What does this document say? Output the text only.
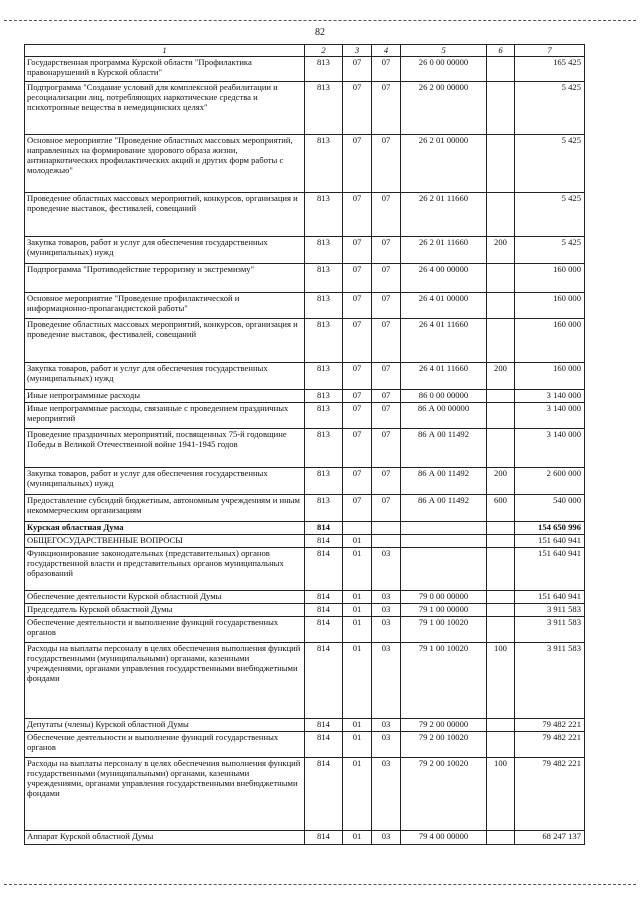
82
1	2	3	4	5	6	7
Государственная программа Курской области "Профилактика правонарушений в Курской области"	813	07	07	26 0 00 00000		165 425
Подпрограмма "Создание условий для комплексной реабилитации и ресоциализации лиц, потребляющих наркотические средства и психотропные вещества в немедицинских целях"	813	07	07	26 2 00 00000		5 425
Основное мероприятие "Проведение областных массовых мероприятий, направленных на формирование здорового образа жизни, антинаркотических профилактических акций и других форм работы с молодежью"	813	07	07	26 2 01 00000		5 425
Проведение областных массовых мероприятий, конкурсов, организация и проведение выставок, фестивалей, совещаний	813	07	07	26 2 01 11660		5 425
Закупка товаров, работ и услуг для обеспечения государственных (муниципальных) нужд	813	07	07	26 2 01 11660	200	5 425
Подпрограмма "Противодействие терроризму и экстремизму"	813	07	07	26 4 00 00000		160 000
Основное мероприятие "Проведение профилактической и информационно-пропагандистской работы"	813	07	07	26 4 01 00000		160 000
Проведение областных массовых мероприятий, конкурсов, организация и проведение выставок, фестивалей, совещаний	813	07	07	26 4 01 11660		160 000
Закупка товаров, работ и услуг для обеспечения государственных (муниципальных) нужд	813	07	07	26 4 01 11660	200	160 000
Иные непрограммные расходы	813	07	07	86 0 00 00000		3 140 000
Иные непрограммные расходы, связанные с проведением праздничных мероприятий	813	07	07	86 А 00 00000		3 140 000
Проведение праздничных мероприятий, посвященных 75-й годовщине Победы в Великой Отечественной войне 1941-1945 годов	813	07	07	86 А 00 11492		3 140 000
Закупка товаров, работ и услуг для обеспечения государственных (муниципальных) нужд	813	07	07	86 А 00 11492	200	2 600 000
Предоставление субсидий бюджетным, автономным учреждениям и иным некоммерческим организациям	813	07	07	86 А 00 11492	600	540 000
Курская областная Дума	814					154 650 996
ОБЩЕГОСУДАРСТВЕННЫЕ ВОПРОСЫ	814	01				151 640 941
Функционирование законодательных (представительных) органов государственной власти и представительных органов муниципальных образований	814	01	03			151 640 941
Обеспечение деятельности Курской областной Думы	814	01	03	79 0 00 00000		151 640 941
Председатель Курской областной Думы	814	01	03	79 1 00 00000		3 911 583
Обеспечение деятельности и выполнение функций государственных органов	814	01	03	79 1 00 10020		3 911 583
Расходы на выплаты персоналу в целях обеспечения выполнения функций государственными (муниципальными) органами, казенными учреждениями, органами управления государственными внебюджетными фондами	814	01	03	79 1 00 10020	100	3 911 583
Депутаты (члены) Курской областной Думы	814	01	03	79 2 00 00000		79 482 221
Обеспечение деятельности и выполнение функций государственных органов	814	01	03	79 2 00 10020		79 482 221
Расходы на выплаты персоналу в целях обеспечения выполнения функций государственными (муниципальными) органами, казенными учреждениями, органами управления государственными внебюджетными фондами	814	01	03	79 2 00 10020	100	79 482 221
Аппарат Курской областной Думы	814	01	03	79 4 00 00000		68 247 137
